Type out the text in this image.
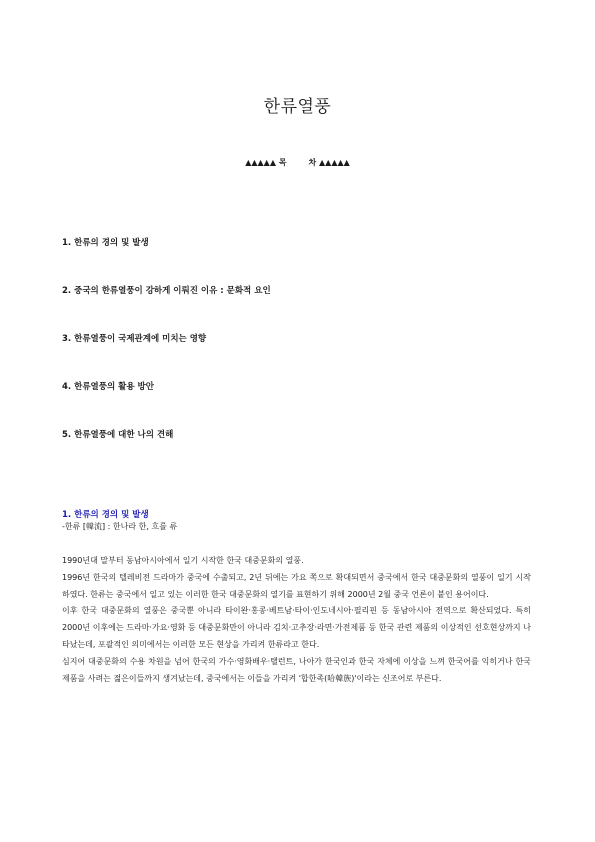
한류열풍
▲▲▲▲▲ 목	차 ▲▲▲▲▲
1. 한류의 경의 및 발생
2. 중국의 한류열풍이 강하게 이뤄진 이유 : 문화적 요인
3. 한류열풍이 국제관계에 미치는 영향
4. 한류열풍의 활용 방안
5. 한류열풍에 대한 나의 견해
1. 한류의 경의 및 발생
-한류 [韓流] : 한나라 한, 흐를 류

1990년대 말부터 동남아시아에서 일기 시작한 한국 대중문화의 열풍.

1996년 한국의 텔레비전 드라마가 중국에 수출되고, 2년 뒤에는 가요 쪽으로 확대되면서 중국에서 한국 대중문화의 열풍이 일기 시작하였다. 한류는 중국에서 일고 있는 이러한 한국 대중문화의 열기를 표현하기 위해 2000년 2월 중국 언론이 붙인 용어이다.

이후 한국 대중문화의 열풍은 중국뿐 아니라 타이완·홍콩·베트남·타이·인도네시아·필리핀 등 동남아시아 전역으로 확산되었다. 특히 2000년 이후에는 드라마·가요·영화 등 대중문화만이 아니라 김치·고추장·라면·가전제품 등 한국 관련 제품의 이상적인 선호현상까지 나타났는데, 포괄적인 의미에서는 이러한 모든 현상을 가리켜 한류라고 한다.

심지어 대중문화의 수용 차원을 넘어 한국의 가수·영화배우·탤런트, 나아가 한국인과 한국 자체에 이상을 느껴 한국어를 익히거나 한국 제품을 사려는 젊은이들까지 생겨났는데, 중국에서는 이들을 가리켜 '합한족(哈韓族)'이라는 신조어로 부른다.
